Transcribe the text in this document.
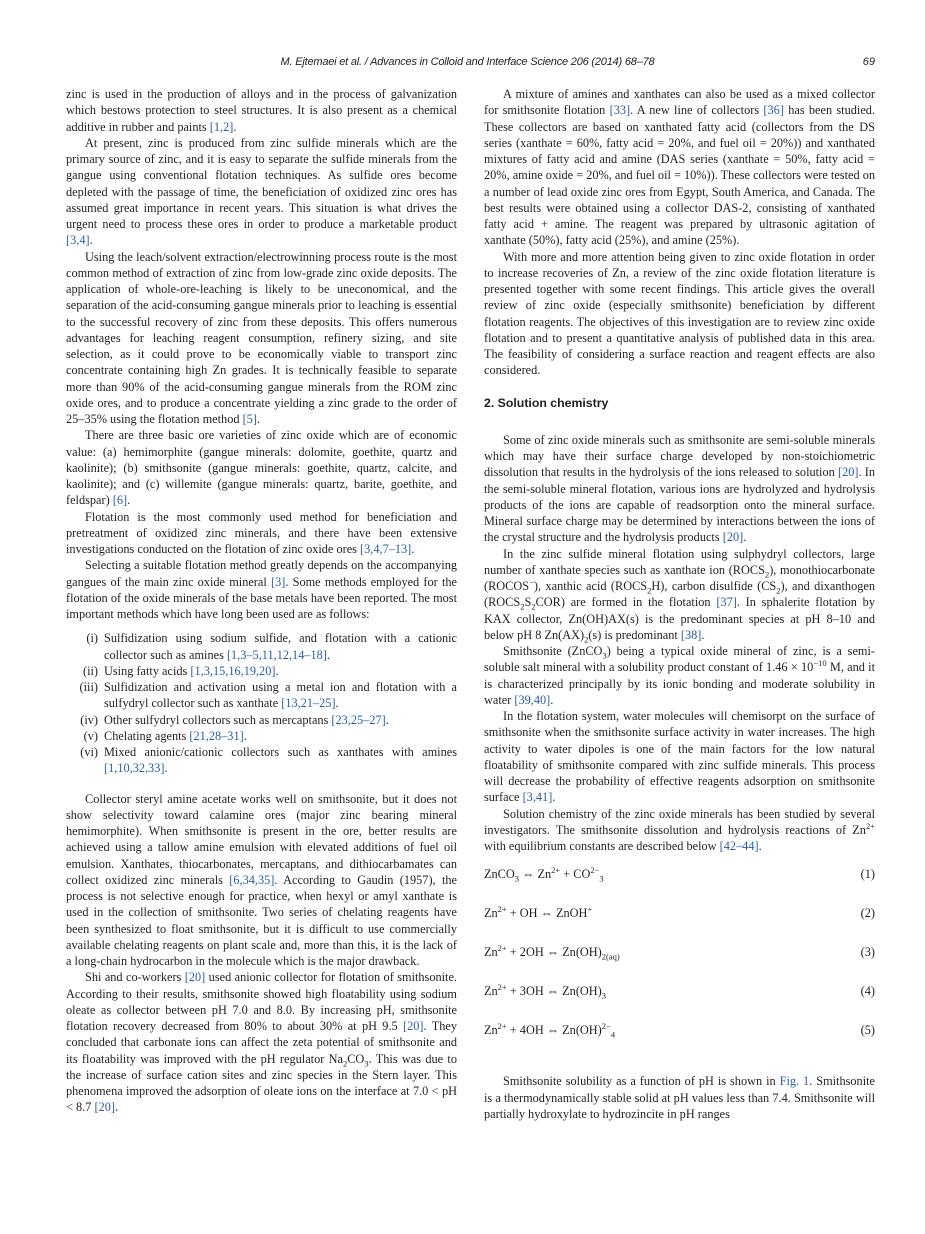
M. Ejtemaei et al. / Advances in Colloid and Interface Science 206 (2014) 68–78	69

zinc is used in the production of alloys and in the process of galvanization which bestows protection to steel structures. It is also present as a chemical additive in rubber and paints [1,2].

At present, zinc is produced from zinc sulfide minerals which are the primary source of zinc, and it is easy to separate the sulfide minerals from the gangue using conventional flotation techniques. As sulfide ores become depleted with the passage of time, the beneficiation of oxidized zinc ores has assumed great importance in recent years. This situation is what drives the urgent need to process these ores in order to produce a marketable product [3,4].

Using the leach/solvent extraction/electrowinning process route is the most common method of extraction of zinc from low-grade zinc oxide deposits. The application of whole-ore-leaching is likely to be uneconomical, and the separation of the acid-consuming gangue minerals prior to leaching is essential to the successful recovery of zinc from these deposits. This offers numerous advantages for leaching reagent consumption, refinery sizing, and site selection, as it could prove to be economically viable to transport zinc concentrate containing high Zn grades. It is technically feasible to separate more than 90% of the acid-consuming gangue minerals from the ROM zinc oxide ores, and to produce a concentrate yielding a zinc grade to the order of 25–35% using the flotation method [5].

There are three basic ore varieties of zinc oxide which are of economic value: (a) hemimorphite (gangue minerals: dolomite, goethite, quartz and kaolinite); (b) smithsonite (gangue minerals: goethite, quartz, calcite, and kaolinite); and (c) willemite (gangue minerals: quartz, barite, goethite, and feldspar) [6].

Flotation is the most commonly used method for beneficiation and pretreatment of oxidized zinc minerals, and there have been extensive investigations conducted on the flotation of zinc oxide ores [3,4,7–13].

Selecting a suitable flotation method greatly depends on the accompanying gangues of the main zinc oxide mineral [3]. Some methods employed for the flotation of the oxide minerals of the base metals have been reported. The most important methods which have long been used are as follows:

(i) Sulfidization using sodium sulfide, and flotation with a cationic collector such as amines [1,3–5,11,12,14–18].
(ii) Using fatty acids [1,3,15,16,19,20].
(iii) Sulfidization and activation using a metal ion and flotation with a sulfydryl collector such as xanthate [13,21–25].
(iv) Other sulfydryl collectors such as mercaptans [23,25–27].
(v) Chelating agents [21,28–31].
(vi) Mixed anionic/cationic collectors such as xanthates with amines [1,10,32,33].

Collector steryl amine acetate works well on smithsonite, but it does not show selectivity toward calamine ores (major zinc bearing mineral hemimorphite). When smithsonite is present in the ore, better results are achieved using a tallow amine emulsion with elevated additions of fuel oil emulsion. Xanthates, thiocarbonates, mercaptans, and dithiocarbamates can collect oxidized zinc minerals [6,34,35]. According to Gaudin (1957), the process is not selective enough for practice, when hexyl or amyl xanthate is used in the collection of smithsonite. Two series of chelating reagents have been synthesized to float smithsonite, but it is difficult to use commercially available chelating reagents on plant scale and, more than this, it is the lack of a long-chain hydrocarbon in the molecule which is the major drawback.

Shi and co-workers [20] used anionic collector for flotation of smithsonite. According to their results, smithsonite showed high floatability using sodium oleate as collector between pH 7.0 and 8.0. By increasing pH, smithsonite flotation recovery decreased from 80% to about 30% at pH 9.5 [20]. They concluded that carbonate ions can affect the zeta potential of smithsonite and its floatability was improved with the pH regulator $Na_2CO_3$. This was due to the increase of surface cation sites and zinc species in the Stern layer. This phenomena improved the adsorption of oleate ions on the interface at 7.0 < pH < 8.7 [20].

A mixture of amines and xanthates can also be used as a mixed collector for smithsonite flotation [33]. A new line of collectors [36] has been studied. These collectors are based on xanthated fatty acid (collectors from the DS series (xanthate = 60%, fatty acid = 20%, and fuel oil = 20%)) and xanthated mixtures of fatty acid and amine (DAS series (xanthate = 50%, fatty acid = 20%, amine oxide = 20%, and fuel oil = 10%)). These collectors were tested on a number of lead oxide zinc ores from Egypt, South America, and Canada. The best results were obtained using a collector DAS-2, consisting of xanthated fatty acid + amine. The reagent was prepared by ultrasonic agitation of xanthate (50%), fatty acid (25%), and amine (25%).

With more and more attention being given to zinc oxide flotation in order to increase recoveries of Zn, a review of the zinc oxide flotation literature is presented together with some recent findings. This article gives the overall review of zinc oxide (especially smithsonite) beneficiation by different flotation reagents. The objectives of this investigation are to review zinc oxide flotation and to present a quantitative analysis of published data in this area. The feasibility of considering a surface reaction and reagent effects are also considered.

2. Solution chemistry

Some of zinc oxide minerals such as smithsonite are semi-soluble minerals which may have their surface charge developed by non-stoichiometric dissolution that results in the hydrolysis of the ions released to solution [20]. In the semi-soluble mineral flotation, various ions are hydrolyzed and hydrolysis products of the ions are capable of readsorption onto the mineral surface. Mineral surface charge may be determined by interactions between the ions of the crystal structure and the hydrolysis products [20].

In the zinc sulfide mineral flotation using sulphydryl collectors, large number of xanthate species such as xanthate ion $(ROCS_2)$, monothiocarbonate (ROCOS−), xanthic acid $(ROCS_2H)$, carbon disulfide $(CS_2)$, and dixanthogen $(ROCS_2S_2COR)$ are formed in the flotation [37]. In sphalerite flotation by KAX collector, Zn(OH)AX(s) is the predominant species at pH 8–10 and below pH 8 $Zn(AX)_2(s)$ is predominant [38].

Smithsonite (ZnCO$_3$) being a typical oxide mineral of zinc, is a semi-soluble salt mineral with a solubility product constant of $1.46 \times 10^{-10}$ M, and it is characterized principally by its ionic bonding and moderate solubility in water [39,40].

In the flotation system, water molecules will chemisorpt on the surface of smithsonite when the smithsonite surface activity in water increases. The high activity to water dipoles is one of the main factors for the low natural floatability of smithsonite compared with zinc sulfide minerals. This process will decrease the probability of effective reagents adsorption on smithsonite surface [3,41].

Solution chemistry of the zinc oxide minerals has been studied by several investigators. The smithsonite dissolution and hydrolysis reactions of $Zn^{2+}$ with equilibrium constants are described below [42–44].

ZnCO$_3$ ⇔ $Zn^{2+} + CO^{2-}_3$	(1)
$Zn^{2+}$ + OH ⇔ ZnOH+	(2)
$Zn^{2+} + 2OH$ ⇔ $Zn(OH)_{2(aq)}$	(3)
$Zn^{2+} + 3OH$ ⇔ $Zn(OH)_3$	(4)
$Zn^{2+} + 4OH$ ⇔ Zn(OH)$^{2-}_4$	(5)

Smithsonite solubility as a function of pH is shown in Fig. 1. Smithsonite is a thermodynamically stable solid at pH values less than 7.4. Smithsonite will partially hydroxylate to hydrozincite in pH ranges
